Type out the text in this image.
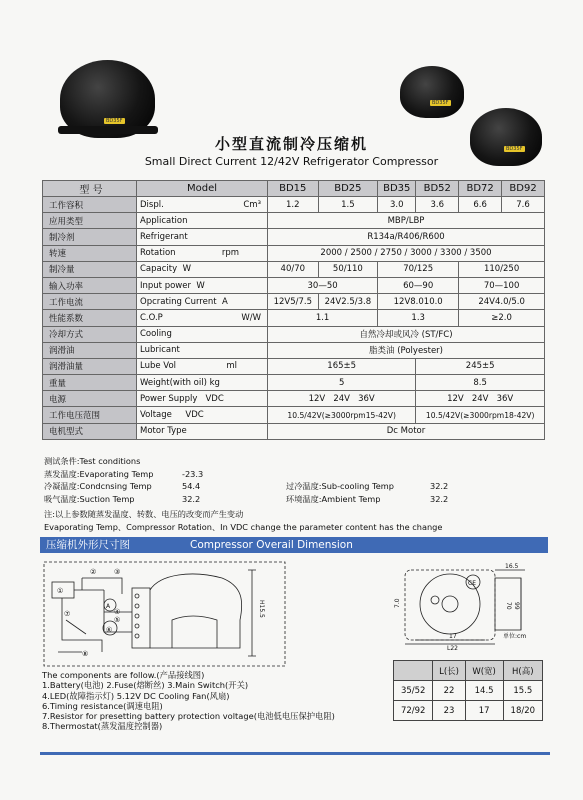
BD35F
BD35F
BD35F
小型直流制冷压缩机
Small Direct Current 12/42V Refrigerator Compressor
型 号	Model	BD15	BD25	BD35	BD52	BD72	BD92
工作容积	Displ. Cm³	1.2	1.5	3.0	3.6	6.6	7.6
应用类型	Application	MBP/LBP					
制冷剂	Refrigerant	R134a/R406/R600					
转速	Rotation rpm	2000 / 2500 / 2750 / 3000 / 3300 / 3500					
制冷量	Capacity W	40/70	50/110	70/125		110/250	
输入功率	Input power W	30—50		60—90		70—100	
工作电流	Opcrating Current A	12V5/7.5	24V2.5/3.8	12V8.010.0		24V4.0/5.0	
性能系数	C.O.P W/W	1.1		1.3		≥2.0	
冷却方式	Cooling	自然冷却或风冷 (ST/FC)					
润滑油	Lubricant	脂类油 (Polyester)					
润滑油量	Lube Vol ml	165±5			245±5		
重量	Weight(with oil) kg	5			8.5		
电源	Power Supply VDC	12V   24V   36V			12V   24V   36V		
工作电压范围	Voltage VDC	10.5/42V(≥3000rpm15-42V)			10.5/42V(≥3000rpm18-42V)		
电机型式	Motor Type	Dc Motor					
测试条件:Test conditions
蒸发温度:Evaporating Temp	-23.3
冷凝温度:Condcnsing Temp	54.4	过冷温度:Sub-cooling Temp	32.2
吸气温度:Suction Temp	32.2	环境温度:Ambient Temp	32.2
注:以上参数随蒸发温度、转数、电压的改变而产生变动
Evaporating Temp、Compressor Rotation、In VDC change the parameter content has the change
压缩机外形尺寸图	Compressor Overail Dimension
①
②	③
A
④
⑤
⑥
⑦
⑧
H15.5
CE
16.5
70 99
7.0
17
L22
单位:cm
	L(长)	W(宽)	H(高)
35/52	22	14.5	15.5
72/92	23	17	18/20
The components are follow.(产品接线图)
1.Battery(电池) 2.Fuse(熔断丝) 3.Main Switch(开关)
4.LED(故障指示灯) 5.12V DC Cooling Fan(风扇)
6.Timing resistance(调速电阻)
7.Resistor for presetting battery protection voltage(电池低电压保护电阻)
8.Thermostat(蒸发温度控制器)
